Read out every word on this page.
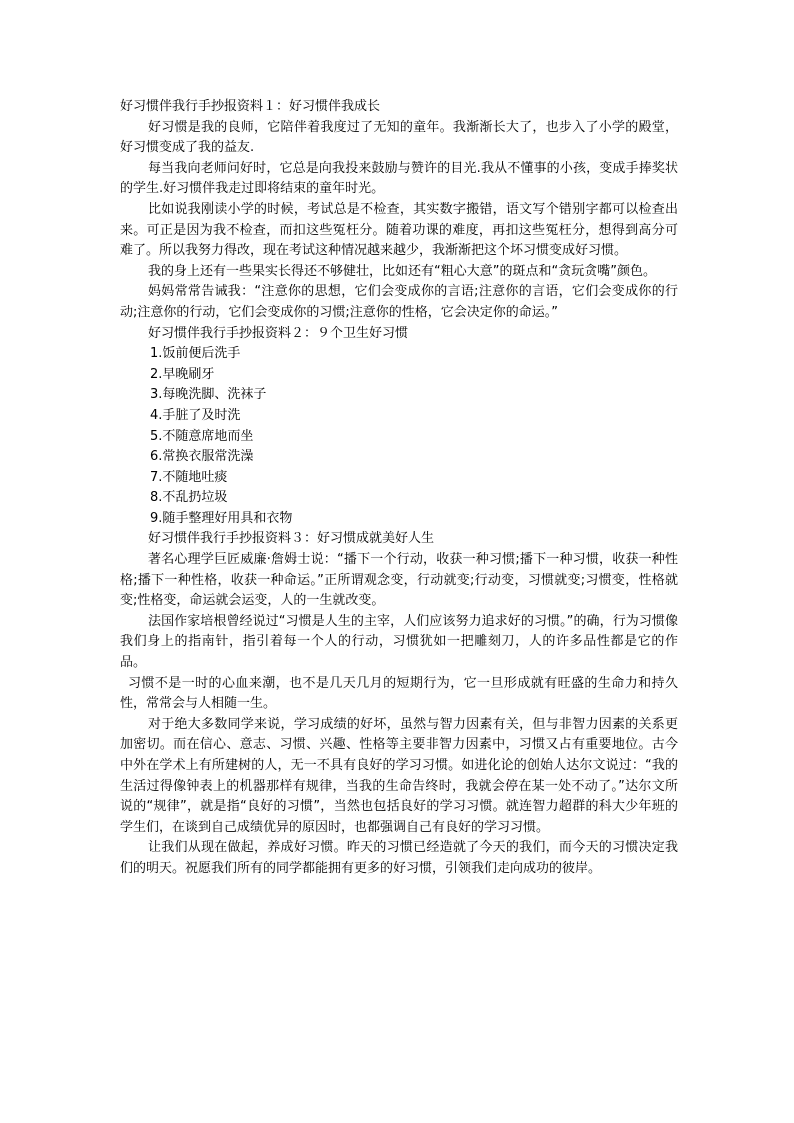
好习惯伴我行手抄报资料１：好习惯伴我成长

好习惯是我的良师，它陪伴着我度过了无知的童年。我渐渐长大了，也步入了小学的殿堂，好习惯变成了我的益友.

每当我向老师问好时，它总是向我投来鼓励与赞许的目光.我从不懂事的小孩，变成手捧奖状的学生.好习惯伴我走过即将结束的童年时光。

比如说我刚读小学的时候，考试总是不检查，其实数字搬错，语文写个错别字都可以检查出来。可正是因为我不检查，而扣这些冤枉分。随着功课的难度，再扣这些冤枉分，想得到高分可难了。所以我努力得改，现在考试这种情况越来越少，我渐渐把这个坏习惯变成好习惯。

我的身上还有一些果实长得还不够健壮，比如还有“粗心大意”的斑点和“贪玩贪嘴”颜色。

妈妈常常告诫我：“注意你的思想，它们会变成你的言语;注意你的言语，它们会变成你的行动;注意你的行动，它们会变成你的习惯;注意你的性格，它会决定你的命运。”

好习惯伴我行手抄报资料２：９个卫生好习惯

1.饭前便后洗手

2.早晚刷牙

3.每晚洗脚、洗袜子

4.手脏了及时洗

5.不随意席地而坐

6.常换衣服常洗澡

7.不随地吐痰

8.不乱扔垃圾

9.随手整理好用具和衣物

好习惯伴我行手抄报资料３：好习惯成就美好人生

著名心理学巨匠威廉·詹姆士说：“播下一个行动，收获一种习惯;播下一种习惯，收获一种性格;播下一种性格，收获一种命运。”正所谓观念变，行动就变;行动变，习惯就变;习惯变，性格就变;性格变，命运就会运变，人的一生就改变。

法国作家培根曾经说过“习惯是人生的主宰，人们应该努力追求好的习惯。”的确，行为习惯像我们身上的指南针，指引着每一个人的行动，习惯犹如一把雕刻刀，人的许多品性都是它的作品。

习惯不是一时的心血来潮，也不是几天几月的短期行为，它一旦形成就有旺盛的生命力和持久性，常常会与人相随一生。

对于绝大多数同学来说，学习成绩的好坏，虽然与智力因素有关，但与非智力因素的关系更加密切。而在信心、意志、习惯、兴趣、性格等主要非智力因素中，习惯又占有重要地位。古今中外在学术上有所建树的人，无一不具有良好的学习习惯。如进化论的创始人达尔文说过：“我的生活过得像钟表上的机器那样有规律，当我的生命告终时，我就会停在某一处不动了。”达尔文所说的“规律”，就是指“良好的习惯”，当然也包括良好的学习习惯。就连智力超群的科大少年班的学生们，在谈到自己成绩优异的原因时，也都强调自己有良好的学习习惯。

让我们从现在做起，养成好习惯。昨天的习惯已经造就了今天的我们，而今天的习惯决定我们的明天。祝愿我们所有的同学都能拥有更多的好习惯，引领我们走向成功的彼岸。
